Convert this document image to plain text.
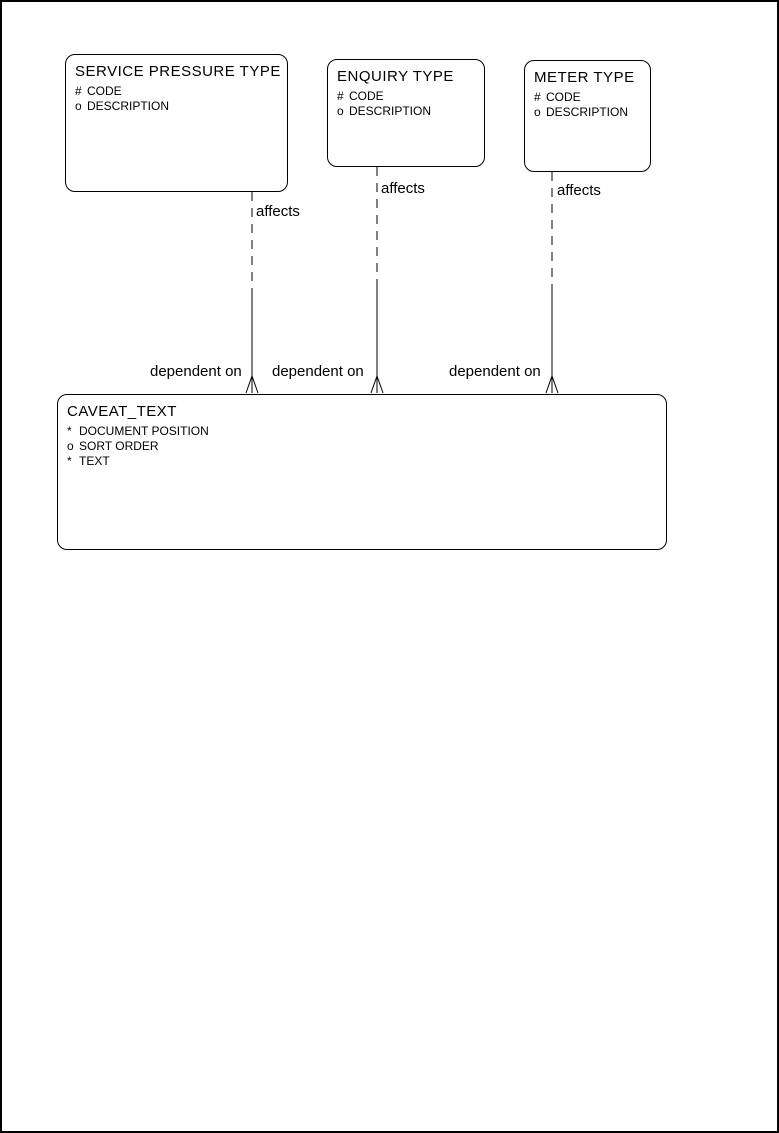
SERVICE PRESSURE TYPE
# CODE
o DESCRIPTION
ENQUIRY TYPE
# CODE
o DESCRIPTION
METER TYPE
# CODE
o DESCRIPTION
CAVEAT_TEXT
* DOCUMENT POSITION
o SORT ORDER
* TEXT
affects
affects	affects
dependent on dependent on	dependent on
